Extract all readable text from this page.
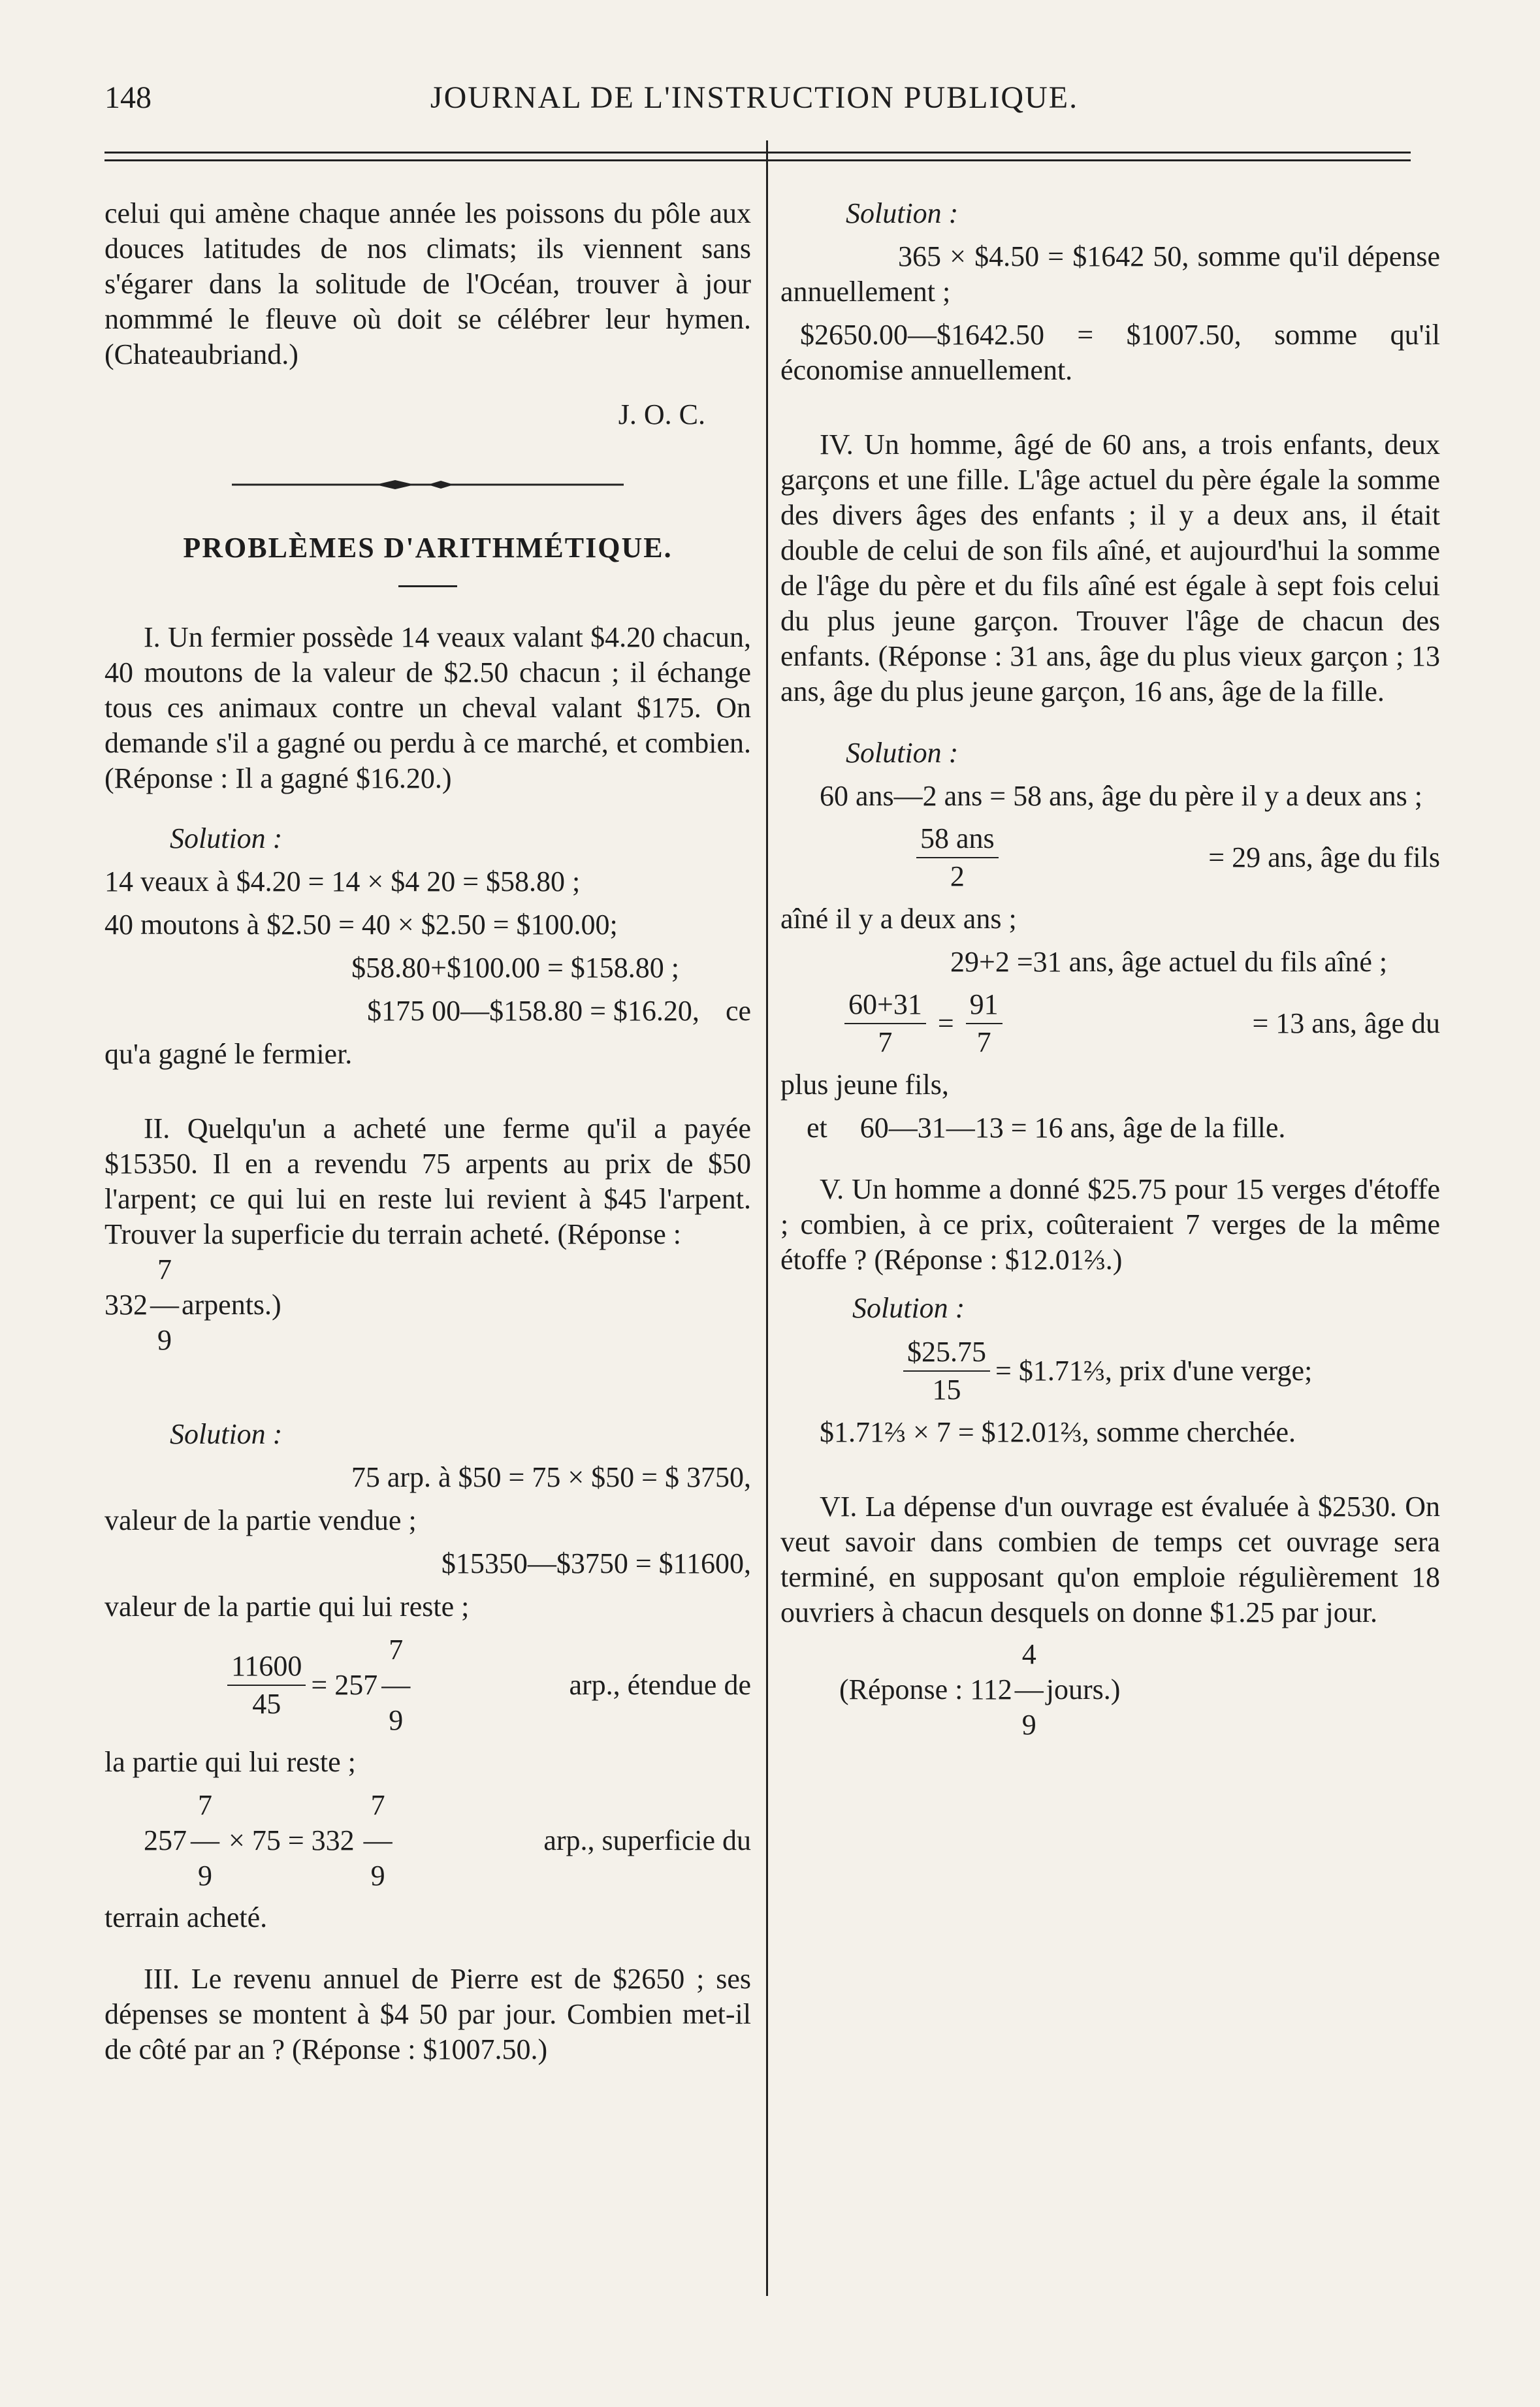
148	JOURNAL DE L'INSTRUCTION PUBLIQUE.

celui qui amène chaque année les poissons du pôle aux douces latitudes de nos climats; ils viennent sans s'égarer dans la solitude de l'Océan, trouver à jour nommmé le fleuve où doit se célébrer leur hymen. (Chateaubriand.)

J. O. C.
PROBLÈMES D'ARITHMÉTIQUE.

I. Un fermier possède 14 veaux valant $4.20 chacun, 40 moutons de la valeur de $2.50 chacun ; il échange tous ces animaux contre un cheval valant $175. On demande s'il a gagné ou perdu à ce marché, et combien. (Réponse : Il a gagné $16.20.)

Solution :
14 veaux à $4.20 = 14 × $4 20 = $58.80 ;
40 moutons à $2.50 = 40 × $2.50 = $100.00;
$58.80+$100.00 = $158.80 ;
$175 00—$158.80 = $16.20, ce
qu'a gagné le fermier.

II. Quelqu'un a acheté une ferme qu'il a payée $15350. Il en a revendu 75 arpents au prix de $50 l'arpent; ce qui lui en reste lui revient à $45 l'arpent. Trouver la superficie du terrain acheté. (Réponse :

332
7
—
9
arpents.)
Solution :
75 arp. à $50 = 75 × $50 = $ 3750,
valeur de la partie vendue ;
$15350—$3750 = $11600,
valeur de la partie qui lui reste ;
$\frac{11600}{45} = 257$
7
—
9
arp., étendue de
la partie qui lui reste ;
257
7
—
9
× 75 = 332
7
—
9
arp., superficie du
terrain acheté.

III. Le revenu annuel de Pierre est de $2650 ; ses dépenses se montent à $4 50 par jour. Combien met-il de côté par an ? (Réponse : $1007.50.)

Solution :

365 × $4.50 = $1642 50, somme qu'il dépense annuellement ;

$2650.00—$1642.50 = $1007.50, somme qu'il économise annuellement.

IV. Un homme, âgé de 60 ans, a trois enfants, deux garçons et une fille. L'âge actuel du père égale la somme des divers âges des enfants ; il y a deux ans, il était double de celui de son fils aîné, et aujourd'hui la somme de l'âge du père et du fils aîné est égale à sept fois celui du plus jeune garçon. Trouver l'âge de chacun des enfants. (Réponse : 31 ans, âge du plus vieux garçon ; 13 ans, âge du plus jeune garçon, 16 ans, âge de la fille.

Solution :

60 ans—2 ans = 58 ans, âge du père il y a deux ans ;

$\frac{\text{58 ans}}{2}$	= 29 ans, âge du fils
aîné il y a deux ans ;

29+2 =31 ans, âge actuel du fils aîné ;

$\frac{60+31}{7} = \frac{91}{7}$	= 13 ans, âge du
plus jeune fils,
et 60—31—13 = 16 ans, âge de la fille.

V. Un homme a donné $25.75 pour 15 verges d'étoffe ; combien, à ce prix, coûteraient 7 verges de la même étoffe ? (Réponse : $12.01⅔.)

Solution :
$\frac{\$25.75}{15}$ = $1.71⅔, prix d'une verge;

$1.71⅔ × 7 = $12.01⅔, somme cherchée.

VI. La dépense d'un ouvrage est évaluée à $2530. On veut savoir dans combien de temps cet ouvrage sera terminé, en supposant qu'on emploie régulièrement 18 ouvriers à chacun desquels on donne $1.25 par jour.

(Réponse : 112
4
—
9
jours.)
